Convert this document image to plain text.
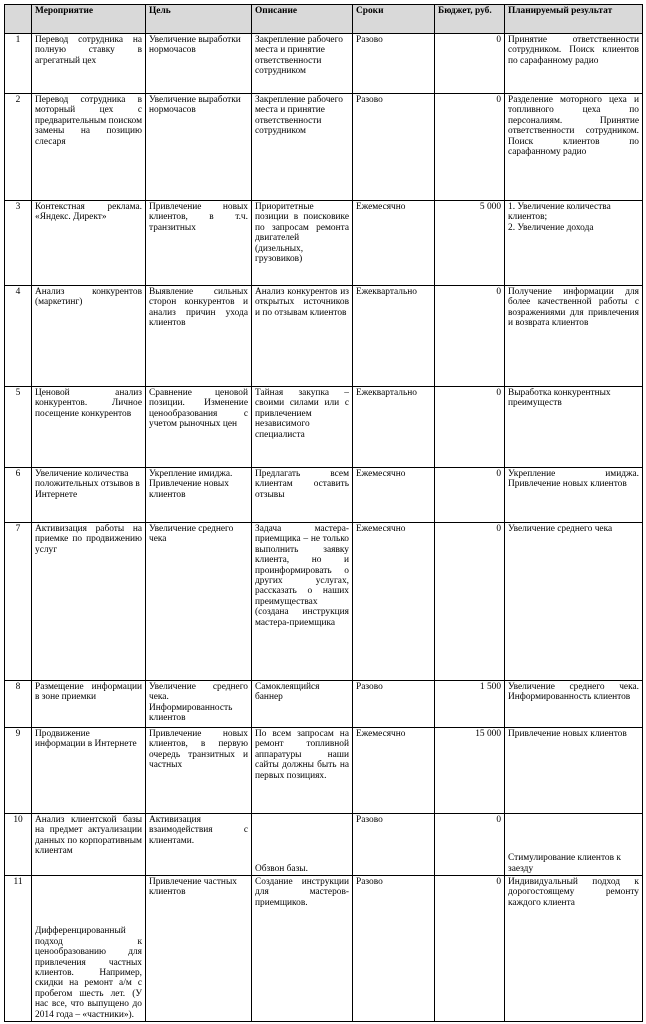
	Мероприятие	Цель	Описание	Сроки	Бюджет, руб.	Планируемый результат
1	Перевод сотрудника на полную ставку в агрегатный цех	Увеличение выработки нормочасов	Закрепление рабочего места и принятие ответственности сотрудником	Разово	0	Принятие ответственности сотрудником. Поиск клиентов по сарафанному радио
2	Перевод сотрудника в моторный цех с предварительным поиском замены на позицию слесаря	Увеличение выработки нормочасов	Закрепление рабочего места и принятие ответственности сотрудником	Разово	0	Разделение моторного цеха и топливного цеха по персоналиям. Принятие ответственности сотрудником. Поиск клиентов по сарафанному радио
3	Контекстная реклама. «Яндекс. Директ»	Привлечение новых клиентов, в т.ч. транзитных	Приоритетные позиции в поисковике по запросам ремонта двигателей (дизельных, грузовиков)	Ежемесячно	5 000	1. Увеличение количества клиентов;
2. Увеличение дохода

4	Анализ конкурентов (маркетинг)	Выявление сильных сторон конкурентов и анализ причин ухода клиентов	Анализ конкурентов из открытых источников и по отзывам клиентов	Ежеквартально	0	Получение информации для более качественной работы с возражениями для привлечения и возврата клиентов
5	Ценовой анализ конкурентов. Личное посещение конкурентов	Сравнение ценовой позиции. Изменение ценообразования с учетом рыночных цен	Тайная закупка – своими силами или с привлечением независимого специалиста	Ежеквартально	0	Выработка конкурентных преимуществ
6	Увеличение количества положительных отзывов в Интернете	Укрепление имиджа. Привлечение новых клиентов	Предлагать всем клиентам оставить отзывы	Ежемесячно	0	Укрепление имиджа. Привлечение новых клиентов
7	Активизация работы на приемке по продвижению услуг	Увеличение среднего чека	Задача мастера-приемщика – не только выполнить заявку клиента, но и проинформировать о других услугах, рассказать о наших преимуществах (создана инструкция мастера-приемщика	Ежемесячно	0	Увеличение среднего чека
8	Размещение информации в зоне приемки	Увеличение среднего чека. Информированность клиентов	Самоклеящийся баннер	Разово	1 500	Увеличение среднего чека. Информированность клиентов
9	Продвижение информации в Интернете	Привлечение новых клиентов, в первую очередь транзитных и частных	По всем запросам на ремонт топливной аппаратуры наши сайты должны быть на первых позициях.	Ежемесячно	15 000	Привлечение новых клиентов
10	Анализ клиентской базы на предмет актуализации данных по корпоративным клиентам	Активизация взаимодействия с клиентами.	Обзвон базы.	Разово	0	Стимулирование клиентов к заезду
11	Дифференцированный подход к ценообразованию для привлечения частных клиентов. Например, скидки на ремонт а/м с пробегом шесть лет. (У нас все, что выпущено до 2014 года – «частники»).	Привлечение частных клиентов	Создание инструкции для мастеров-приемщиков.	Разово	0	Индивидуальный подход к дорогостоящему ремонту каждого клиента
